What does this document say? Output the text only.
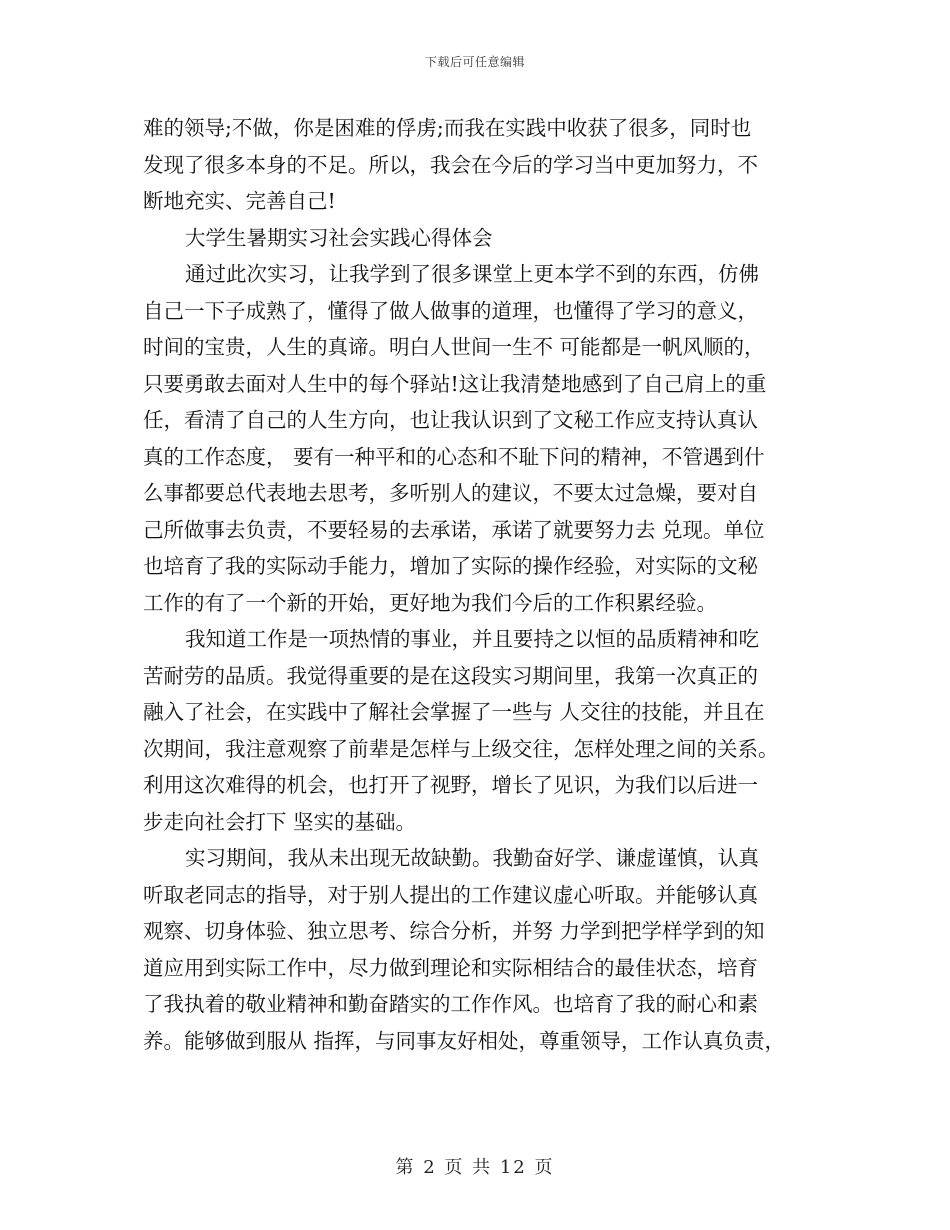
下载后可任意编辑
难的领导;不做，你是困难的俘虏;而我在实践中收获了很多，同时也
发现了很多本身的不足。所以，我会在今后的学习当中更加努力，不
断地充实、完善自己!
大学生暑期实习社会实践心得体会
通过此次实习，让我学到了很多课堂上更本学不到的东西，仿佛
自己一下子成熟了，懂得了做人做事的道理，也懂得了学习的意义，
时间的宝贵，人生的真谛。明白人世间一生不 可能都是一帆风顺的，
只要勇敢去面对人生中的每个驿站!这让我清楚地感到了自己肩上的重
任，看清了自己的人生方向，也让我认识到了文秘工作应支持认真认
真的工作态度， 要有一种平和的心态和不耻下问的精神，不管遇到什
么事都要总代表地去思考，多听别人的建议，不要太过急燥，要对自
己所做事去负责，不要轻易的去承诺，承诺了就要努力去 兑现。单位
也培育了我的实际动手能力，增加了实际的操作经验，对实际的文秘
工作的有了一个新的开始，更好地为我们今后的工作积累经验。
我知道工作是一项热情的事业，并且要持之以恒的品质精神和吃
苦耐劳的品质。我觉得重要的是在这段实习期间里，我第一次真正的
融入了社会，在实践中了解社会掌握了一些与 人交往的技能，并且在
次期间，我注意观察了前辈是怎样与上级交往，怎样处理之间的关系。
利用这次难得的机会，也打开了视野，增长了见识，为我们以后进一
步走向社会打下 坚实的基础。
实习期间，我从未出现无故缺勤。我勤奋好学、谦虚谨慎，认真
听取老同志的指导，对于别人提出的工作建议虚心听取。并能够认真
观察、切身体验、独立思考、综合分析，并努 力学到把学样学到的知
道应用到实际工作中，尽力做到理论和实际相结合的最佳状态，培育
了我执着的敬业精神和勤奋踏实的工作作风。也培育了我的耐心和素
养。能够做到服从 指挥，与同事友好相处，尊重领导，工作认真负责，
第 2 页 共 12 页
